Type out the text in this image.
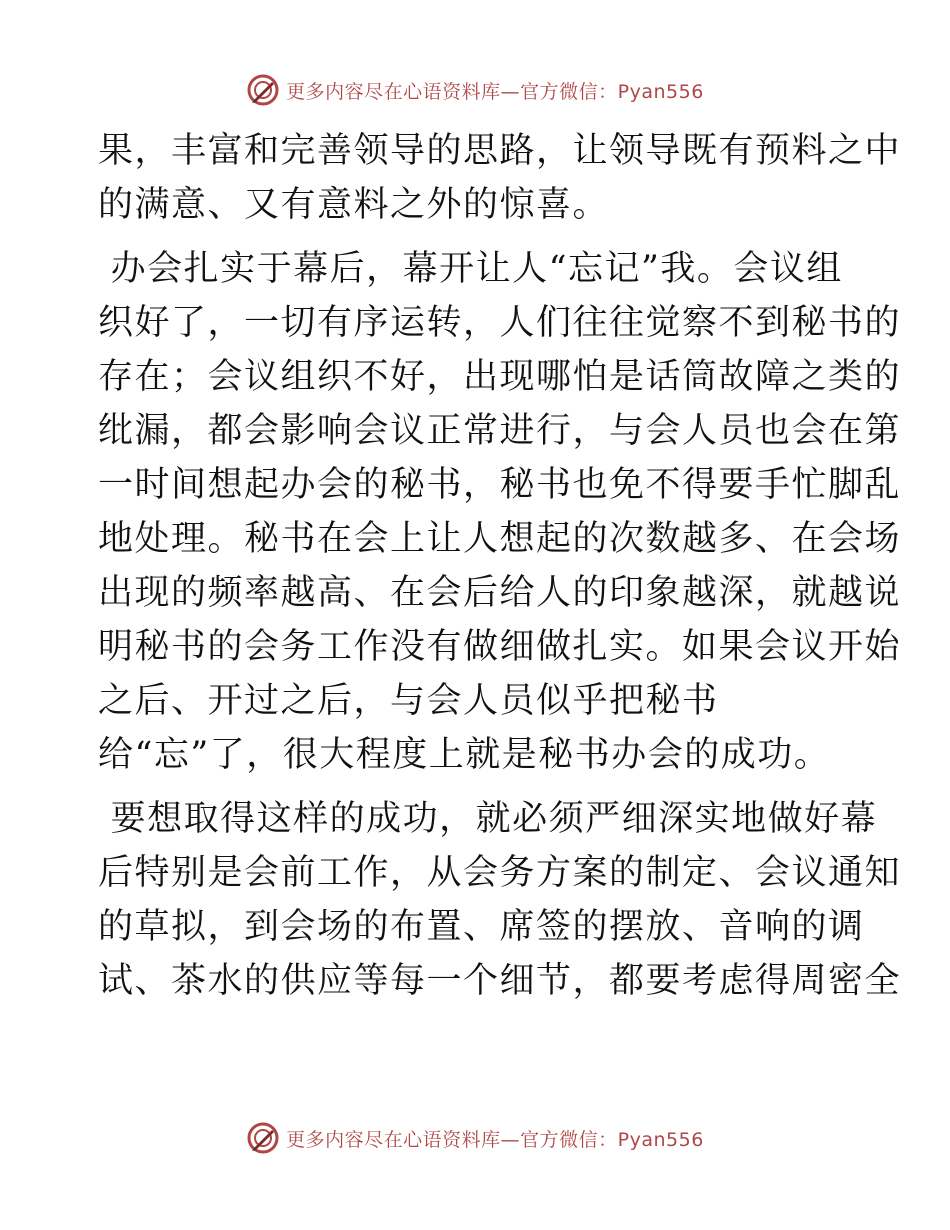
更多内容尽在心语资料库—官方微信：Pyan556

果，丰富和完善领导的思路，让领导既有预料之中

的满意、又有意料之外的惊喜。

办会扎实于幕后，幕开让人“忘记”我。会议组

织好了，一切有序运转，人们往往觉察不到秘书的

存在；会议组织不好，出现哪怕是话筒故障之类的

纰漏，都会影响会议正常进行，与会人员也会在第

一时间想起办会的秘书，秘书也免不得要手忙脚乱

地处理。秘书在会上让人想起的次数越多、在会场

出现的频率越高、在会后给人的印象越深，就越说

明秘书的会务工作没有做细做扎实。如果会议开始

之后、开过之后，与会人员似乎把秘书

给“忘”了，很大程度上就是秘书办会的成功。

要想取得这样的成功，就必须严细深实地做好幕

后特别是会前工作，从会务方案的制定、会议通知

的草拟，到会场的布置、席签的摆放、音响的调

试、茶水的供应等每一个细节，都要考虑得周密全

更多内容尽在心语资料库—官方微信：Pyan556
